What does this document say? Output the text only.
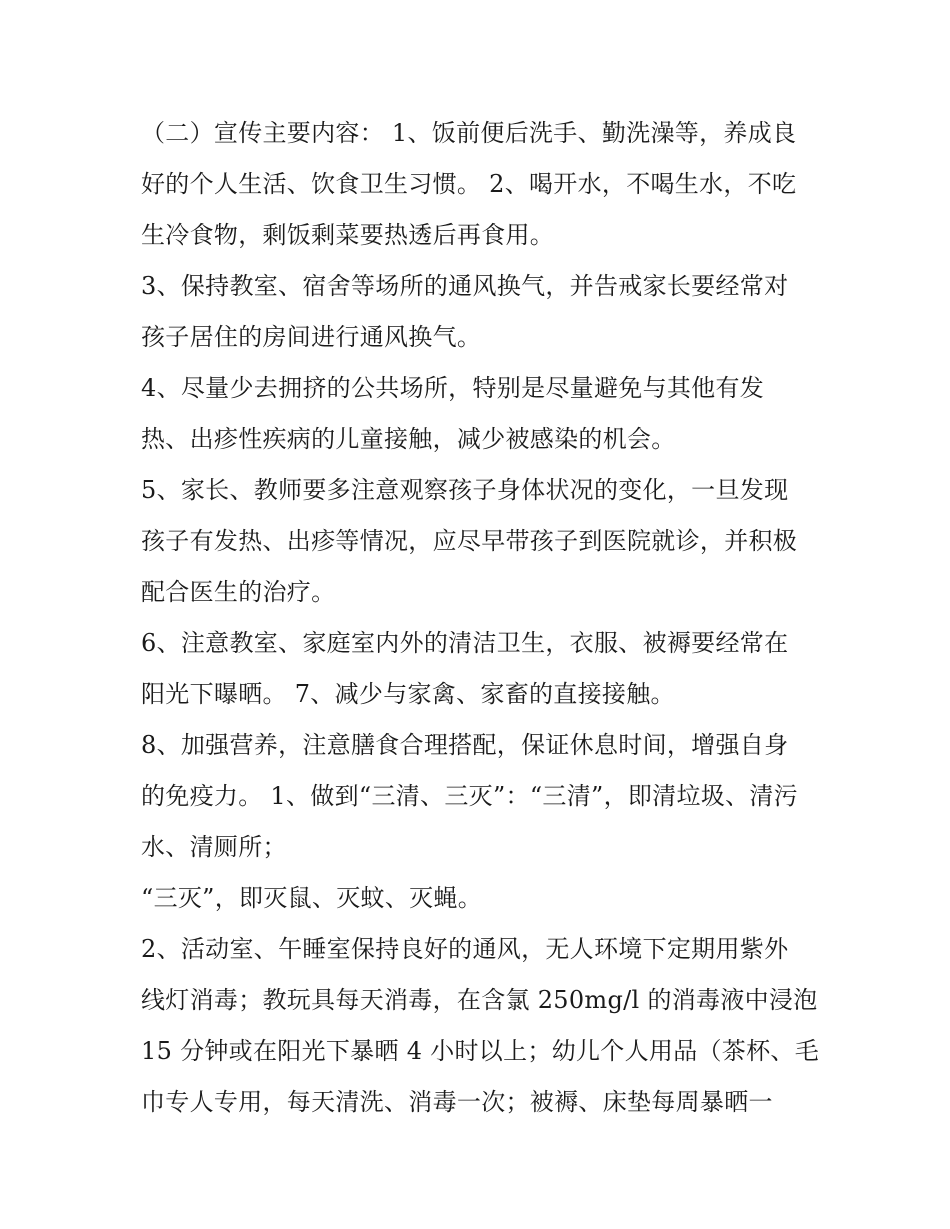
（二）宣传主要内容： 1、饭前便后洗手、勤洗澡等，养成良
好的个人生活、饮食卫生习惯。 2、喝开水，不喝生水，不吃
生冷食物，剩饭剩菜要热透后再食用。
3、保持教室、宿舍等场所的通风换气，并告戒家长要经常对
孩子居住的房间进行通风换气。
4、尽量少去拥挤的公共场所，特别是尽量避免与其他有发
热、出疹性疾病的儿童接触，减少被感染的机会。
5、家长、教师要多注意观察孩子身体状况的变化，一旦发现
孩子有发热、出疹等情况，应尽早带孩子到医院就诊，并积极
配合医生的治疗。
6、注意教室、家庭室内外的清洁卫生，衣服、被褥要经常在
阳光下曝晒。 7、减少与家禽、家畜的直接接触。
8、加强营养，注意膳食合理搭配，保证休息时间，增强自身
的免疫力。 1、做到“三清、三灭”：“三清”，即清垃圾、清污
水、清厕所；
“三灭”，即灭鼠、灭蚊、灭蝇。
2、活动室、午睡室保持良好的通风，无人环境下定期用紫外
线灯消毒；教玩具每天消毒，在含氯 250mg/l 的消毒液中浸泡
15 分钟或在阳光下暴晒 4 小时以上；幼儿个人用品（茶杯、毛
巾专人专用，每天清洗、消毒一次；被褥、床垫每周暴晒一
